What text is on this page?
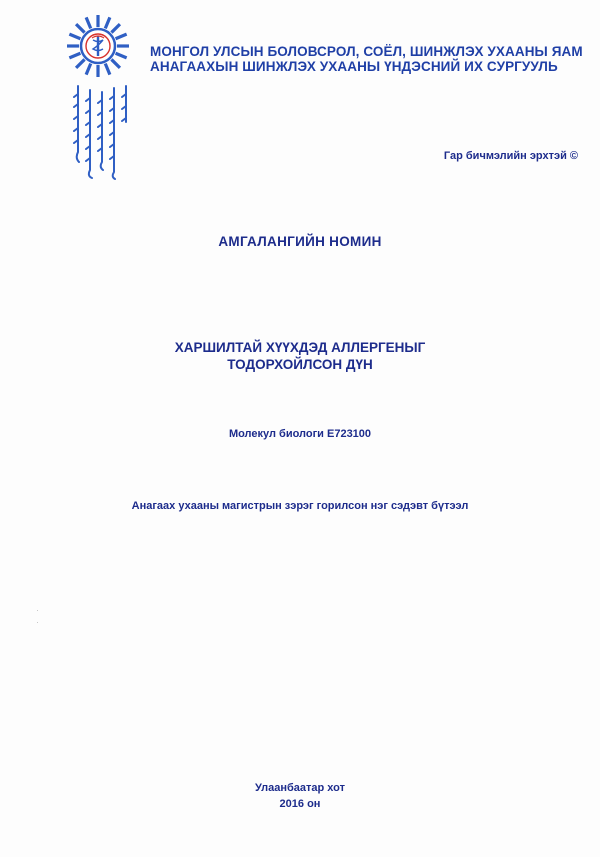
МОНГОЛ УЛСЫН БОЛОВСРОЛ, СОЁЛ, ШИНЖЛЭХ УХААНЫ ЯАМ
АНАГААХЫН ШИНЖЛЭХ УХААНЫ ҮНДЭСНИЙ ИХ СУРГУУЛЬ
Гар бичмэлийн эрхтэй ©
АМГАЛАНГИЙН НОМИН
ХАРШИЛТАЙ ХҮҮХДЭД АЛЛЕРГЕНЫГ
ТОДОРХОЙЛСОН ДҮН
Молекул биологи Е723100
Анагаах ухааны магистрын зэрэг горилсон нэг сэдэвт бүтээл
Улаанбаатар хот
2016 он
